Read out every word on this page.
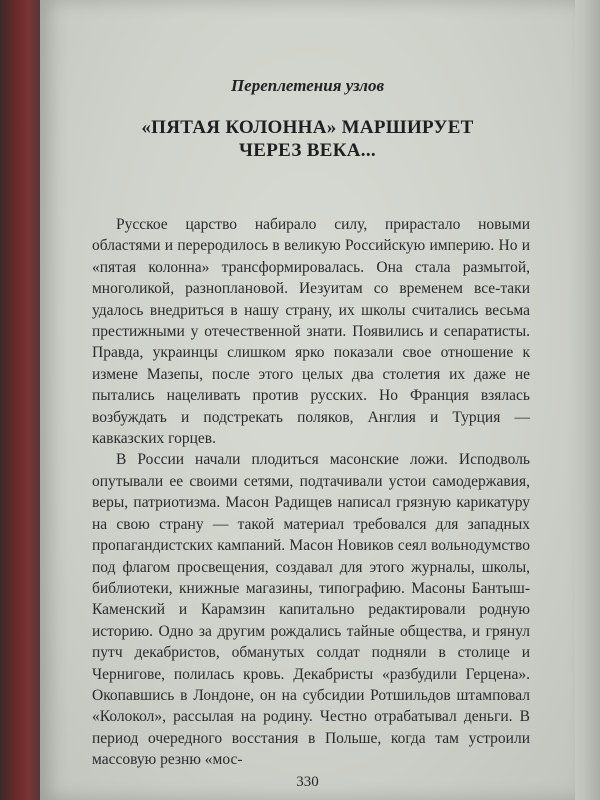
Переплетения узлов

«ПЯТАЯ КОЛОННА» МАРШИРУЕТ
ЧЕРЕЗ ВЕКА...

Русское царство набирало силу, прирастало новыми областями и переродилось в великую Российскую империю. Но и «пятая колонна» трансформировалась. Она стала размытой, многоликой, разноплановой. Иезуитам со временем все-таки удалось внедриться в нашу страну, их школы считались весьма престижными у отечественной знати. Появились и сепаратисты. Правда, украинцы слишком ярко показали свое отношение к измене Мазепы, после этого целых два столетия их даже не пытались нацеливать против русских. Но Франция взялась возбуждать и подстрекать поляков, Англия и Турция — кавказских горцев.

В России начали плодиться масонские ложи. Исподволь опутывали ее своими сетями, подтачивали устои самодержавия, веры, патриотизма. Масон Радищев написал грязную карикатуру на свою страну — такой материал требовался для западных пропагандистских кампаний. Масон Новиков сеял вольнодумство под флагом просвещения, создавал для этого журналы, школы, библиотеки, книжные магазины, типографию. Масоны Бантыш-Каменский и Карамзин капитально редактировали родную историю. Одно за другим рождались тайные общества, и грянул путч декабристов, обманутых солдат подняли в столице и Чернигове, полилась кровь. Декабристы «разбудили Герцена». Окопавшись в Лондоне, он на субсидии Ротшильдов штамповал «Колокол», рассылая на родину. Честно отрабатывал деньги. В период очередного восстания в Польше, когда там устроили массовую резню «мос-

330
